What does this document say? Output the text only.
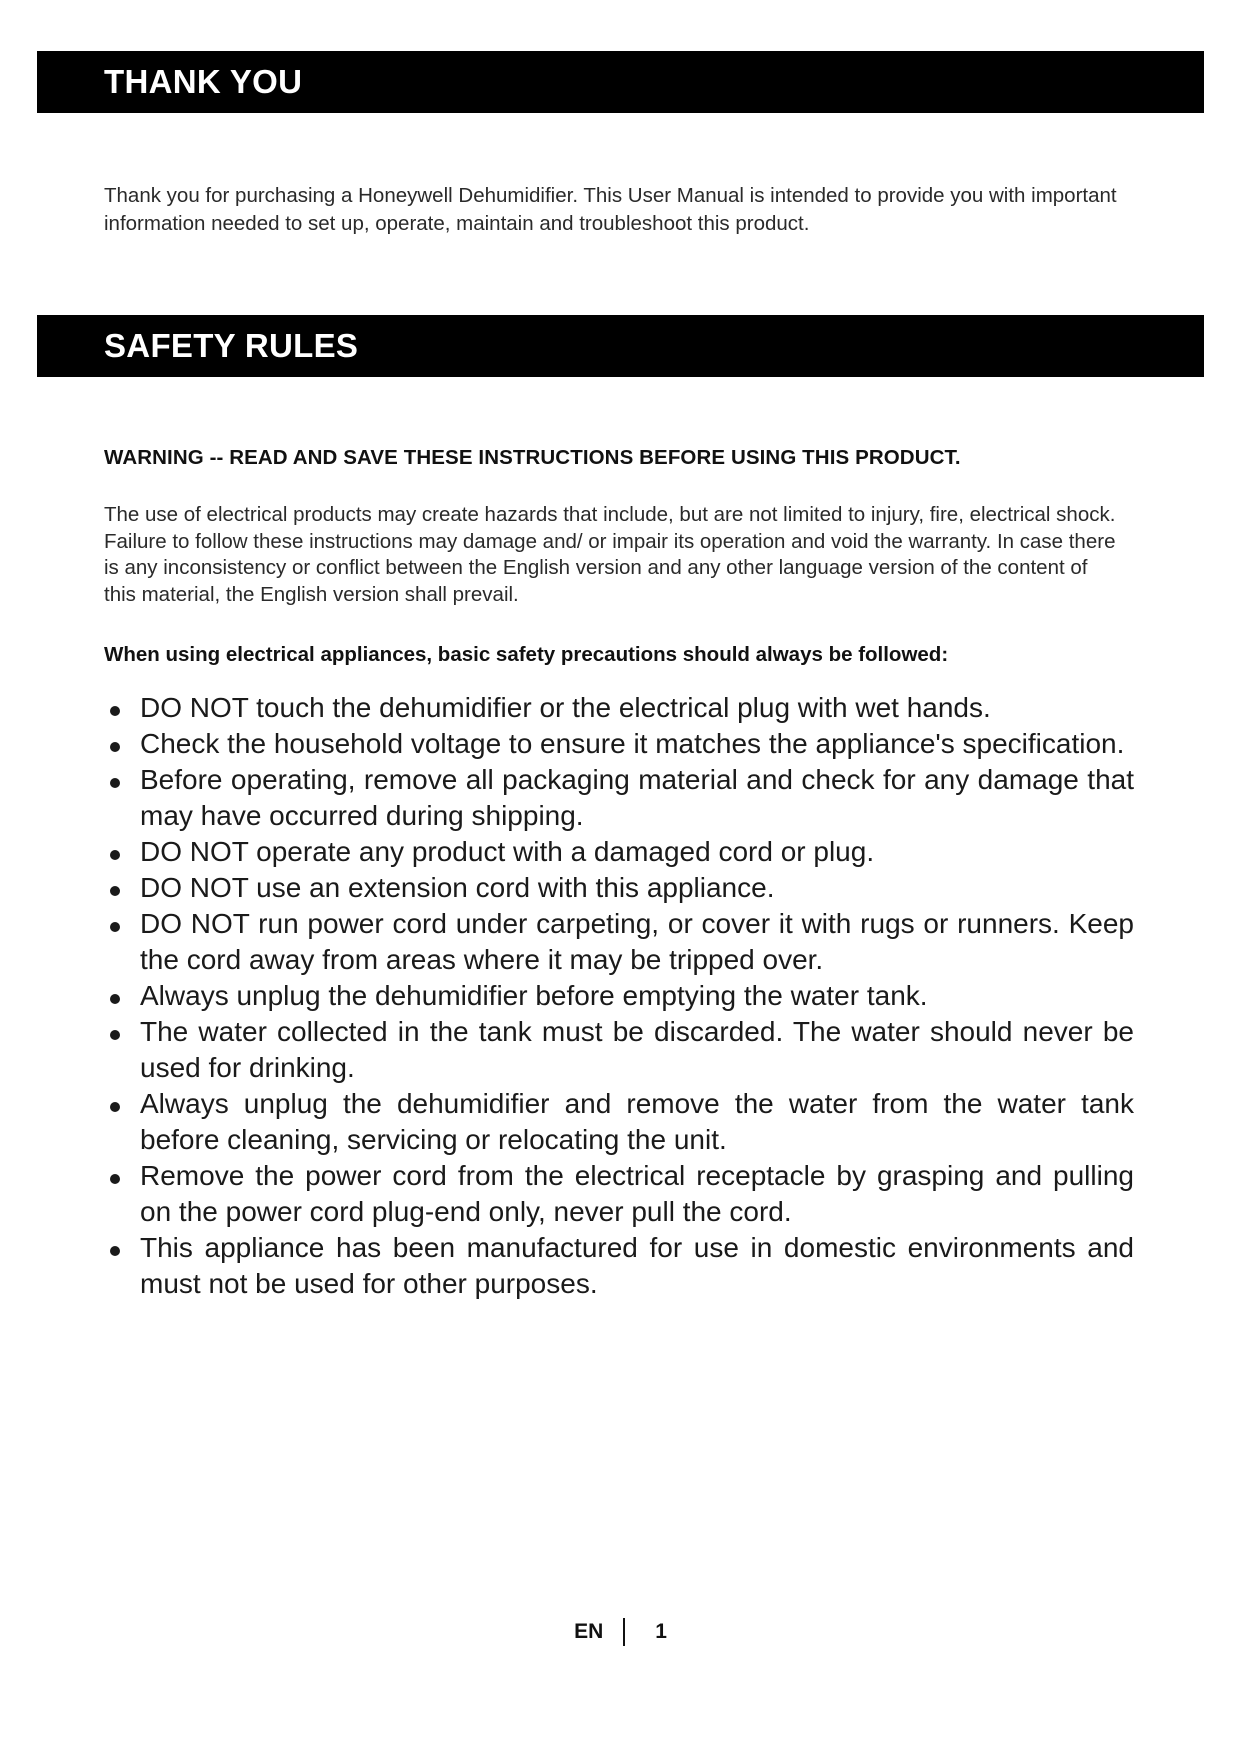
THANK YOU
Thank you for purchasing a Honeywell Dehumidifier. This User Manual is intended to provide you with important information needed to set up, operate, maintain and troubleshoot this product.
SAFETY RULES
WARNING -- READ AND SAVE THESE INSTRUCTIONS BEFORE USING THIS PRODUCT.
The use of electrical products may create hazards that include, but are not limited to injury, fire, electrical shock. Failure to follow these instructions may damage and/ or impair its operation and void the warranty. In case there is any inconsistency or conflict between the English version and any other language version of the content of this material, the English version shall prevail.
When using electrical appliances, basic safety precautions should always be followed:
DO NOT touch the dehumidifier or the electrical plug with wet hands.
Check the household voltage to ensure it matches the appliance's specification.
Before operating, remove all packaging material and check for any damage that may have occurred during shipping.
DO NOT operate any product with a damaged cord or plug.
DO NOT use an extension cord with this appliance.
DO NOT run power cord under carpeting, or cover it with rugs or runners. Keep the cord away from areas where it may be tripped over.
Always unplug the dehumidifier before emptying the water tank.
The water collected in the tank must be discarded. The water should never be used for drinking.
Always unplug the dehumidifier and remove the water from the water tank before cleaning, servicing or relocating the unit.
Remove the power cord from the electrical receptacle by grasping and pulling on the power cord plug-end only, never pull the cord.
This appliance has been manufactured for use in domestic environments and must not be used for other purposes.
EN 1
